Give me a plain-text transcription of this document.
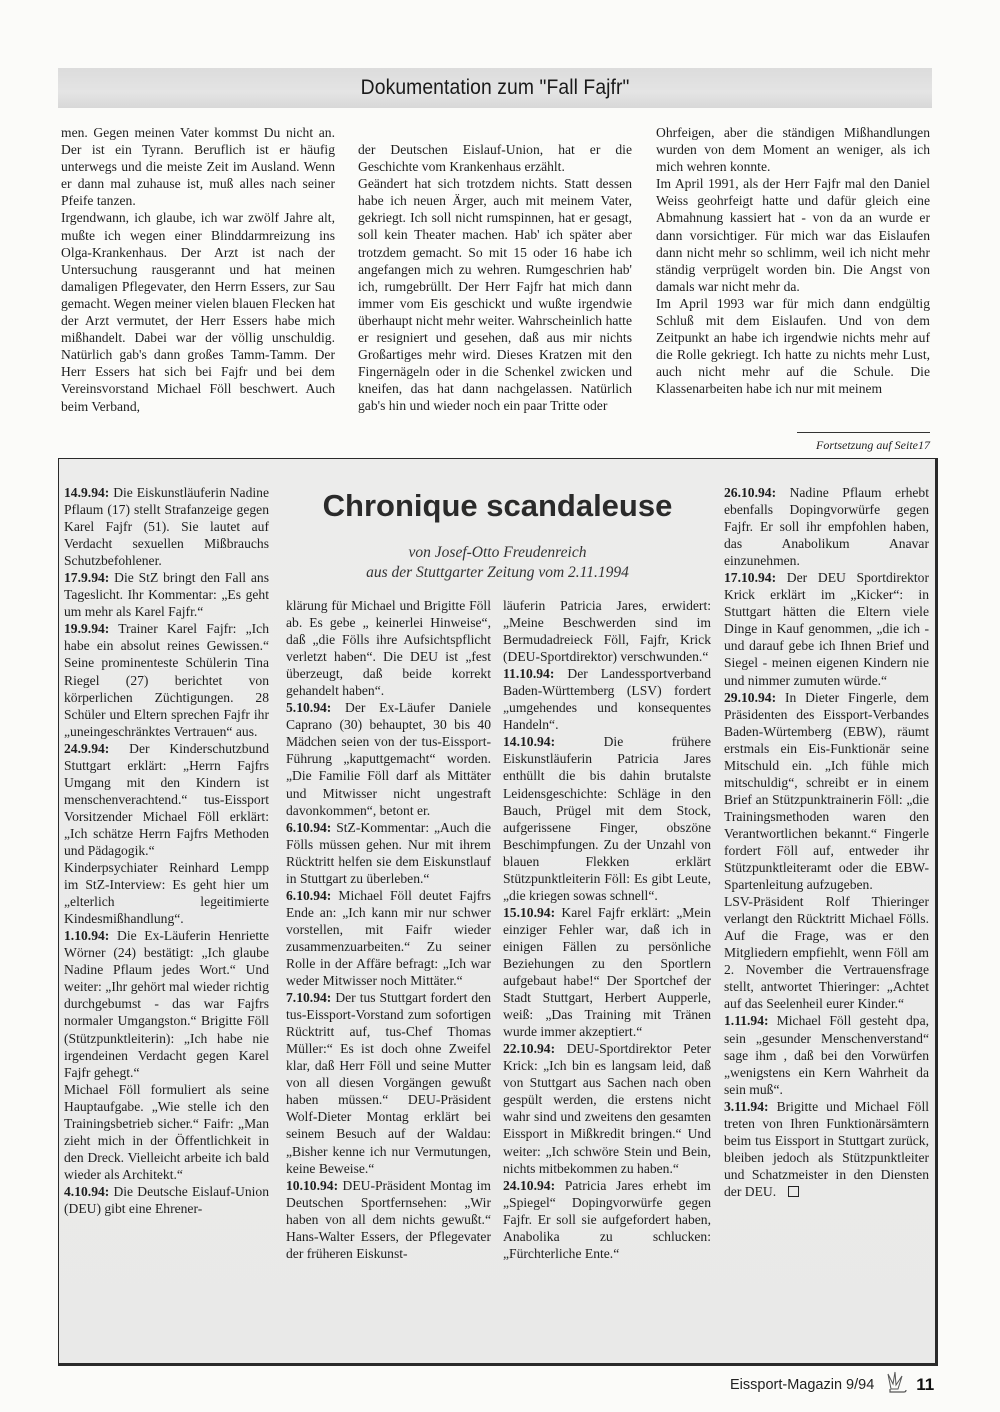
Dokumentation zum "Fall Fajfr"

men. Gegen meinen Vater kommst Du nicht an. Der ist ein Tyrann. Beruflich ist er häufig unterwegs und die meiste Zeit im Ausland. Wenn er dann mal zuhause ist, muß alles nach seiner Pfeife tanzen.

Irgendwann, ich glaube, ich war zwölf Jahre alt, mußte ich wegen einer Blinddarmreizung ins Olga-Krankenhaus. Der Arzt ist nach der Untersuchung rausgerannt und hat meinen damaligen Pflegevater, den Herrn Essers, zur Sau gemacht. Wegen meiner vielen blauen Flecken hat der Arzt vermutet, der Herr Essers habe mich mißhandelt. Dabei war der völlig unschuldig. Natürlich gab's dann großes Tamm-Tamm. Der Herr Essers hat sich bei Fajfr und bei dem Vereinsvorstand Michael Föll beschwert. Auch beim Verband,

der Deutschen Eislauf-Union, hat er die Geschichte vom Krankenhaus erzählt.

Geändert hat sich trotzdem nichts. Statt dessen habe ich neuen Ärger, auch mit meinem Vater, gekriegt. Ich soll nicht rumspinnen, hat er gesagt, soll kein Theater machen. Hab' ich später aber trotzdem gemacht. So mit 15 oder 16 habe ich angefangen mich zu wehren. Rumgeschrien hab' ich, rumgebrüllt. Der Herr Fajfr hat mich dann immer vom Eis geschickt und wußte irgendwie überhaupt nicht mehr weiter. Wahrscheinlich hatte er resigniert und gesehen, daß aus mir nichts Großartiges mehr wird. Dieses Kratzen mit den Fingernägeln oder in die Schenkel zwicken und kneifen, das hat dann nachgelassen. Natürlich gab's hin und wieder noch ein paar Tritte oder

Ohrfeigen, aber die ständigen Mißhandlungen wurden von dem Moment an weniger, als ich mich wehren konnte.

Im April 1991, als der Herr Fajfr mal den Daniel Weiss geohrfeigt hatte und dafür gleich eine Abmahnung kassiert hat - von da an wurde er dann vorsichtiger. Für mich war das Eislaufen dann nicht mehr so schlimm, weil ich nicht mehr ständig verprügelt worden bin. Die Angst von damals war nicht mehr da.

Im April 1993 war für mich dann endgültig Schluß mit dem Eislaufen. Und von dem Zeitpunkt an habe ich irgendwie nichts mehr auf die Rolle gekriegt. Ich hatte zu nichts mehr Lust, auch nicht mehr auf die Schule. Die Klassenarbeiten habe ich nur mit meinem

Fortsetzung auf Seite17
Chronique scandaleuse
von Josef-Otto Freudenreich
aus der Stuttgarter Zeitung vom 2.11.1994

14.9.94: Die Eiskunstläuferin Nadine Pflaum (17) stellt Strafanzeige gegen Karel Fajfr (51). Sie lautet auf Verdacht sexuellen Mißbrauchs Schutzbefohlener.

17.9.94: Die StZ bringt den Fall ans Tageslicht. Ihr Kommentar: „Es geht um mehr als Karel Fajfr.“

19.9.94: Trainer Karel Fajfr: „Ich habe ein absolut reines Gewissen.“ Seine prominenteste Schülerin Tina Riegel (27) berichtet von körperlichen Züchtigungen. 28 Schüler und Eltern sprechen Fajfr ihr „uneingeschränktes Vertrauen“ aus.

24.9.94: Der Kinderschutzbund Stuttgart erklärt: „Herrn Fajfrs Umgang mit den Kindern ist menschenverachtend.“ tus-Eissport Vorsitzender Michael Föll erklärt: „Ich schätze Herrn Fajfrs Methoden und Pädagogik.“

Kinderpsychiater Reinhard Lempp im StZ-Interview: Es geht hier um „elterlich legeitimierte Kindesmißhandlung“.

1.10.94: Die Ex-Läuferin Henriette Wörner (24) bestätigt: „Ich glaube Nadine Pflaum jedes Wort.“ Und weiter: „Ihr gehört mal wieder richtig durchgebumst - das war Fajfrs normaler Umgangston.“ Brigitte Föll (Stützpunktleiterin): „Ich habe nie irgendeinen Verdacht gegen Karel Fajfr gehegt.“

Michael Föll formuliert als seine Hauptaufgabe. „Wie stelle ich den Trainingsbetrieb sicher.“ Faifr: „Man zieht mich in der Öffentlichkeit in den Dreck. Vielleicht arbeite ich bald wieder als Architekt.“

4.10.94: Die Deutsche Eislauf-Union (DEU) gibt eine Ehrener-

klärung für Michael und Brigitte Föll ab. Es gebe „ keinerlei Hinweise“, daß „die Fölls ihre Aufsichtspflicht verletzt haben“. Die DEU ist „fest überzeugt, daß beide korrekt gehandelt haben“.

5.10.94: Der Ex-Läufer Daniele Caprano (30) behauptet, 30 bis 40 Mädchen seien von der tus-Eissport-Führung „kaputtgemacht“ worden. „Die Familie Föll darf als Mittäter und Mitwisser nicht ungestraft davonkommen“, betont er.

6.10.94: StZ-Kommentar: „Auch die Fölls müssen gehen. Nur mit ihrem Rücktritt helfen sie dem Eiskunstlauf in Stuttgart zu überleben.“

6.10.94: Michael Föll deutet Fajfrs Ende an: „Ich kann mir nur schwer vorstellen, mit Faifr wieder zusammenzuarbeiten.“ Zu seiner Rolle in der Affäre befragt: „Ich war weder Mitwisser noch Mittäter.“

7.10.94: Der tus Stuttgart fordert den tus-Eissport-Vorstand zum sofortigen Rücktritt auf, tus-Chef Thomas Müller:“ Es ist doch ohne Zweifel klar, daß Herr Föll und seine Mutter von all diesen Vorgängen gewußt haben müssen.“ DEU-Präsident Wolf-Dieter Montag erklärt bei seinem Besuch auf der Waldau: „Bisher kenne ich nur Vermutungen, keine Beweise.“

10.10.94: DEU-Präsident Montag im Deutschen Sportfernsehen: „Wir haben von all dem nichts gewußt.“ Hans-Walter Essers, der Pflegevater der früheren Eiskunst-

läuferin Patricia Jares, erwidert: „Meine Beschwerden sind im Bermudadreieck Föll, Fajfr, Krick (DEU-Sportdirektor) verschwunden.“

11.10.94: Der Landessportverband Baden-Württemberg (LSV) fordert „umgehendes und konsequentes Handeln“.

14.10.94: Die frühere Eiskunstläuferin Patricia Jares enthüllt die bis dahin brutalste Leidensgeschichte: Schläge in den Bauch, Prügel mit dem Stock, aufgerissene Finger, obszöne Beschimpfungen. Zu der Unzahl von blauen Flekken erklärt Stützpunktleiterin Föll: Es gibt Leute, „die kriegen sowas schnell“.

15.10.94: Karel Fajfr erklärt: „Mein einziger Fehler war, daß ich in einigen Fällen zu persönliche Beziehungen zu den Sportlern aufgebaut habe!“ Der Sportchef der Stadt Stuttgart, Herbert Aupperle, weiß: „Das Training mit Tränen wurde immer akzeptiert.“

22.10.94: DEU-Sportdirektor Peter Krick: „Ich bin es langsam leid, daß von Stuttgart aus Sachen nach oben gespült werden, die erstens nicht wahr sind und zweitens den gesamten Eissport in Mißkredit bringen.“ Und weiter: „Ich schwöre Stein und Bein, nichts mitbekommen zu haben.“

24.10.94: Patricia Jares erhebt im „Spiegel“ Dopingvorwürfe gegen Fajfr. Er soll sie aufgefordert haben, Anabolika zu schlucken: „Fürchterliche Ente.“

26.10.94: Nadine Pflaum erhebt ebenfalls Dopingvorwürfe gegen Fajfr. Er soll ihr empfohlen haben, das Anabolikum Anavar einzunehmen.

17.10.94: Der DEU Sportdirektor Krick erklärt im „Kicker“: in Stuttgart hätten die Eltern viele Dinge in Kauf genommen, „die ich - und darauf gebe ich Ihnen Brief und Siegel - meinen eigenen Kindern nie und nimmer zumuten würde.“

29.10.94: In Dieter Fingerle, dem Präsidenten des Eissport-Verbandes Baden-Würtemberg (EBW), räumt erstmals ein Eis-Funktionär seine Mitschuld ein. „Ich fühle mich mitschuldig“, schreibt er in einem Brief an Stützpunktrainerin Föll: „die Trainingsmethoden waren den Verantwortlichen bekannt.“ Fingerle fordert Föll auf, entweder ihr Stützpunktleiteramt oder die EBW-Spartenleitung aufzugeben.

LSV-Präsident Rolf Thieringer verlangt den Rücktritt Michael Fölls. Auf die Frage, was er den Mitgliedern empfiehlt, wenn Föll am 2. November die Vertrauensfrage stellt, antwortet Thieringer: „Achtet auf das Seelenheil eurer Kinder.“

1.11.94: Michael Föll gesteht dpa, sein „gesunder Menschenverstand“ sage ihm , daß bei den Vorwürfen „wenigstens ein Kern Wahrheit da sein muß“.

3.11.94: Brigitte und Michael Föll treten von Ihren Funktionärsämtern beim tus Eissport in Stuttgart zurück, bleiben jedoch als Stützpunktleiter und Schatzmeister in den Diensten der DEU.

Eissport-Magazin 9/94 11
